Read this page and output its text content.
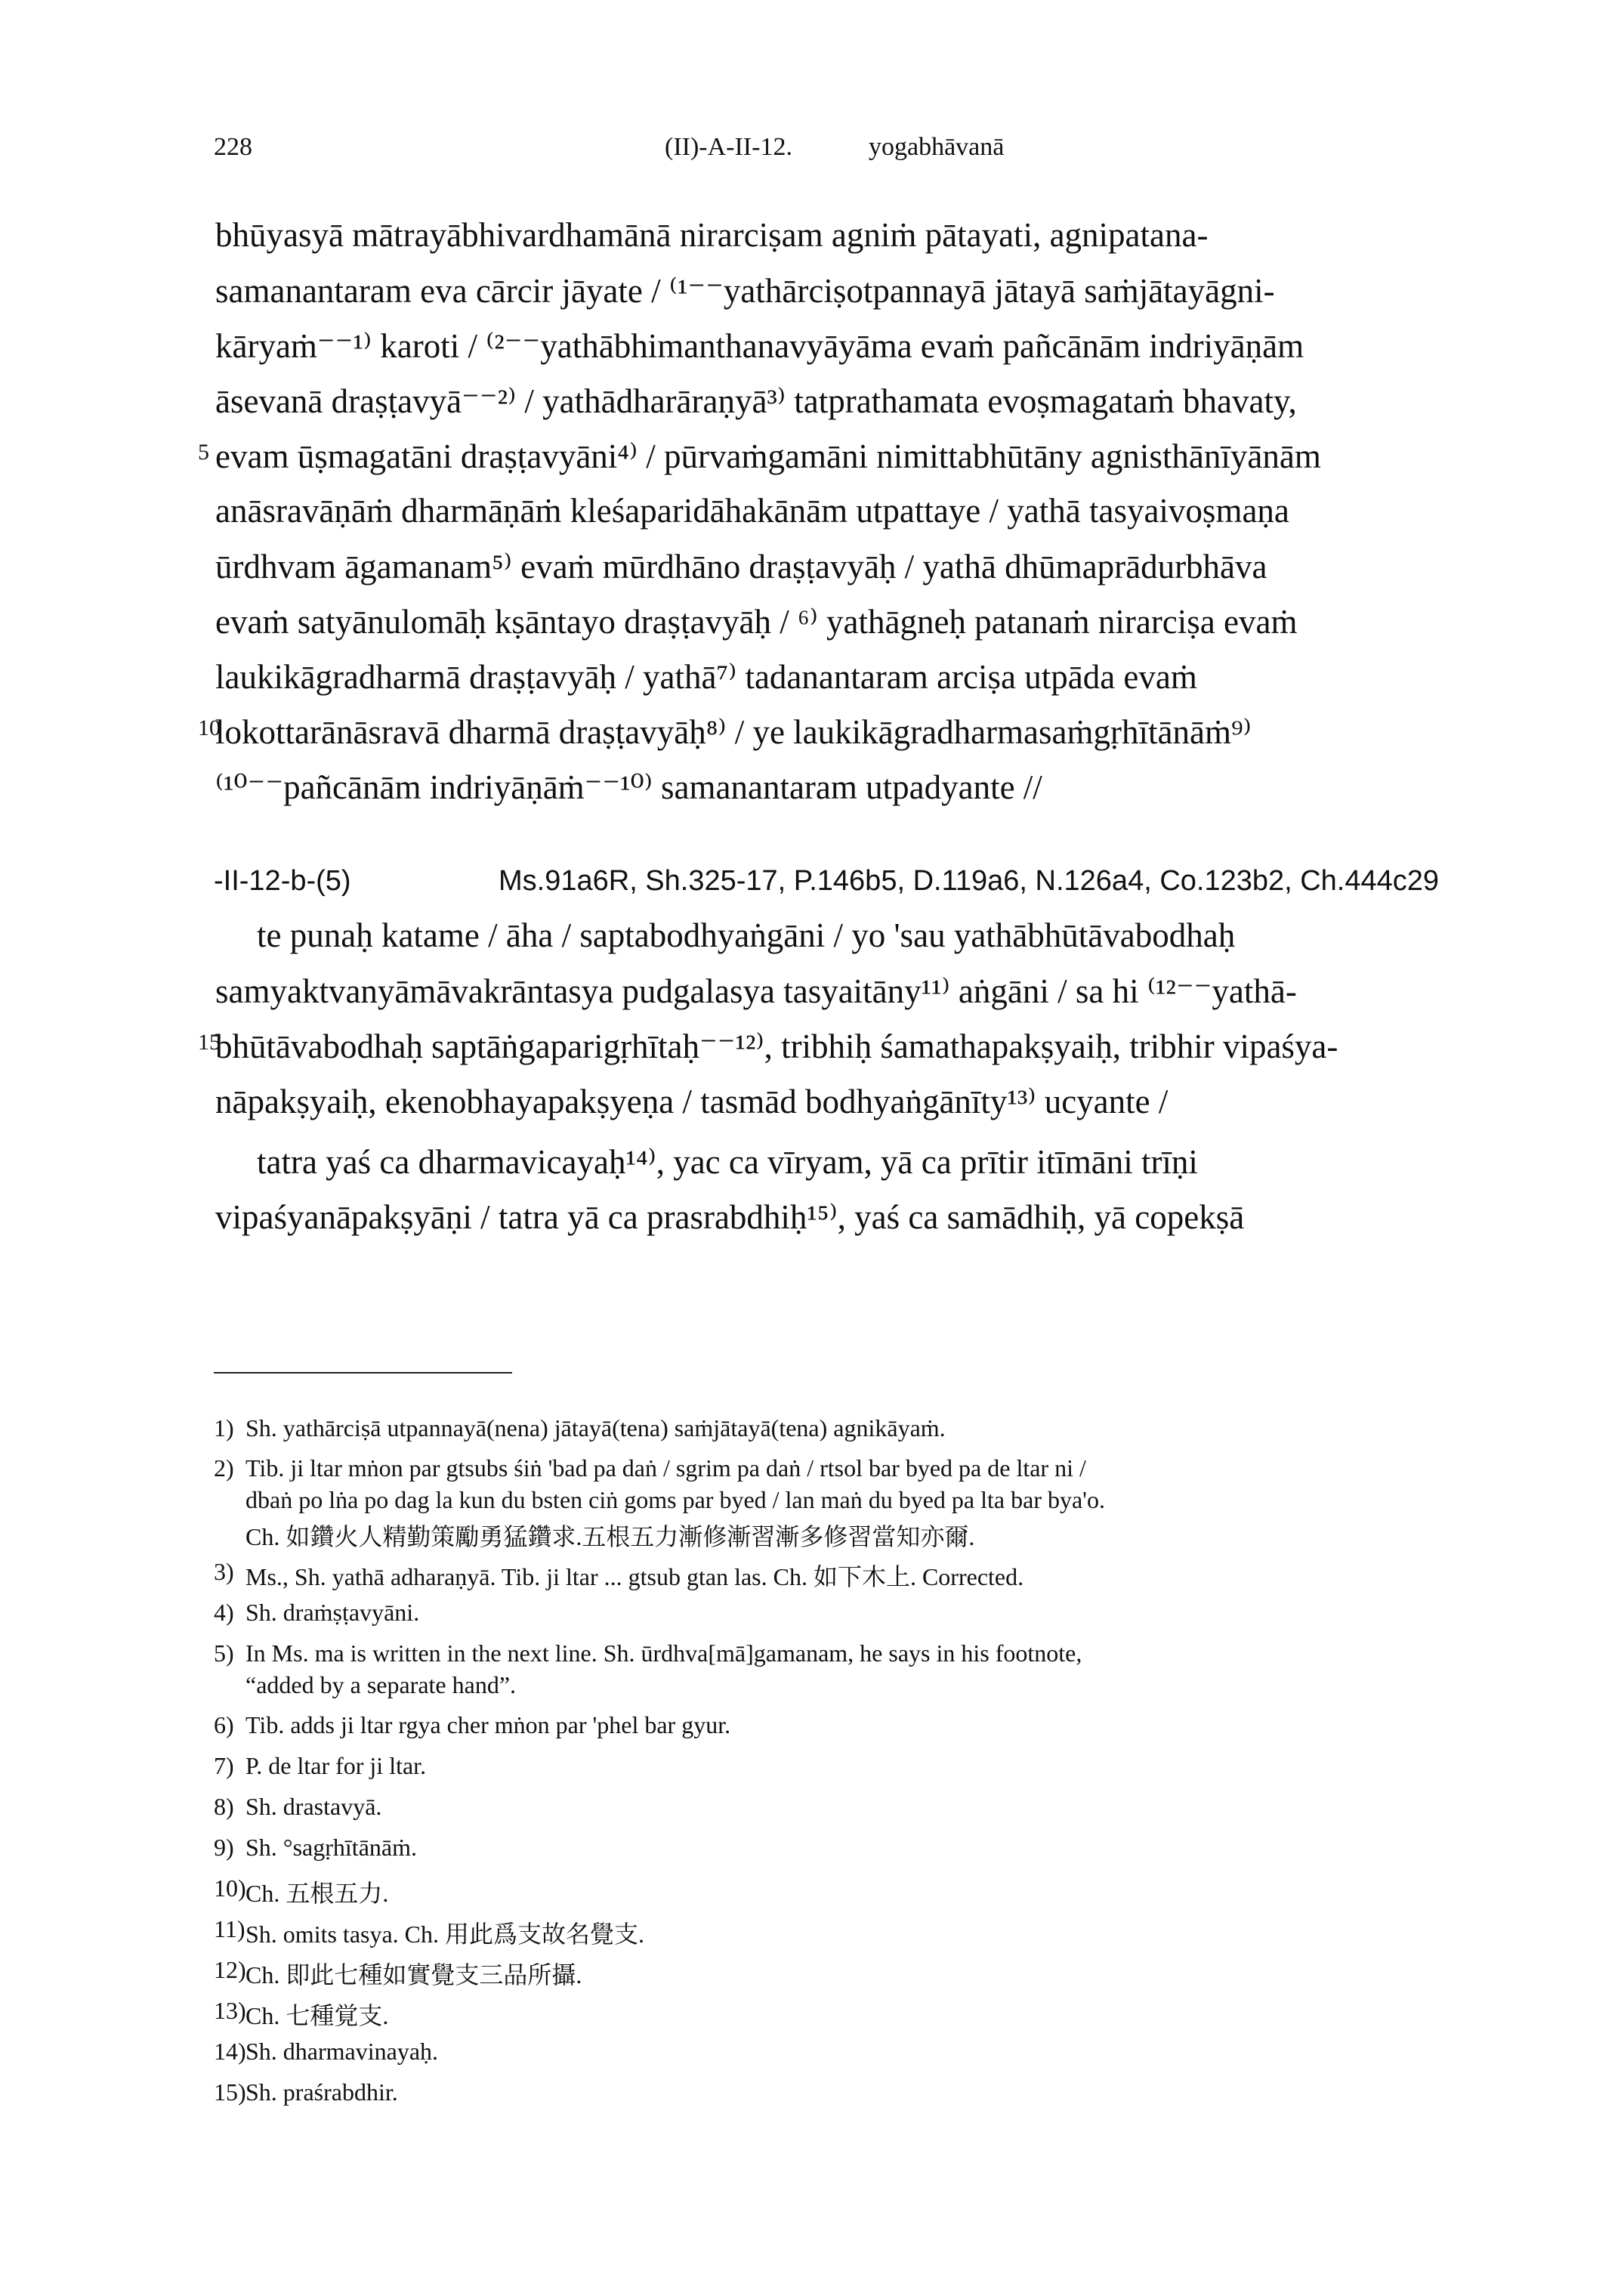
228	(II)-A-II-12.	yogabhāvanā
bhūyasyā mātrayābhivardhamānā nirarciṣam agniṁ pātayati, agnipatana-
samanantaram eva cārcir jāyate / ⁽¹⁻⁻yathārciṣotpannayā jātayā saṁjātayāgni-
kāryaṁ⁻⁻¹⁾ karoti / ⁽²⁻⁻yathābhimanthanavyāyāma evaṁ pañcānām indriyāṇām
āsevanā draṣṭavyā⁻⁻²⁾ / yathādharāraṇyā³⁾ tatprathamata evoṣmagataṁ bhavaty,
5 evam ūṣmagatāni draṣṭavyāni⁴⁾ / pūrvaṁgamāni nimittabhūtāny agnisthānīyānām
anāsravāṇāṁ dharmāṇāṁ kleśaparidāhakānām utpattaye / yathā tasyaivoṣmaṇa
ūrdhvam āgamanam⁵⁾ evaṁ mūrdhāno draṣṭavyāḥ / yathā dhūmaprādurbhāva
evaṁ satyānulomāḥ kṣāntayo draṣṭavyāḥ / ⁶⁾ yathāgneḥ patanaṁ nirarciṣa evaṁ
laukikāgradharmā draṣṭavyāḥ / yathā⁷⁾ tadanantaram arciṣa utpāda evaṁ
10
lokottarānāsravā dharmā draṣṭavyāḥ⁸⁾ / ye laukikāgradharmasaṁgṛhītānāṁ⁹⁾
⁽¹⁰⁻⁻pañcānām indriyāṇāṁ⁻⁻¹⁰⁾ samanantaram utpadyante //
-II-12-b-(5)	Ms.91a6R, Sh.325-17, P.146b5, D.119a6, N.126a4, Co.123b2, Ch.444c29
te punaḥ katame / āha / saptabodhyaṅgāni / yo 'sau yathābhūtāvabodhaḥ
samyaktvanyāmāvakrāntasya pudgalasya tasyaitāny¹¹⁾ aṅgāni / sa hi ⁽¹²⁻⁻yathā-
15
bhūtāvabodhaḥ saptāṅgaparigṛhītaḥ⁻⁻¹²⁾, tribhiḥ śamathapakṣyaiḥ, tribhir vipaśya-
nāpakṣyaiḥ, ekenobhayapakṣyeṇa / tasmād bodhyaṅgānīty¹³⁾ ucyante /
tatra yaś ca dharmavicayaḥ¹⁴⁾, yac ca vīryam, yā ca prītir itīmāni trīṇi
vipaśyanāpakṣyāṇi / tatra yā ca prasrabdhiḥ¹⁵⁾, yaś ca samādhiḥ, yā copekṣā
1) Sh. yathārciṣā utpannayā(nena) jātayā(tena) saṁjātayā(tena) agnikāyaṁ.
2) Tib. ji ltar mṅon par gtsubs śiṅ 'bad pa daṅ / sgrim pa daṅ / rtsol bar byed pa de ltar ni /
dbaṅ po lṅa po dag la kun du bsten ciṅ goms par byed / lan maṅ du byed pa lta bar bya'o.
Ch. 如鑽火人精勤策勵勇猛鑽求.五根五力漸修漸習漸多修習當知亦爾.
3) Ms., Sh. yathā adharaṇyā. Tib. ji ltar ... gtsub gtan las. Ch. 如下木上. Corrected.
4) Sh. draṁṣṭavyāni.
5) In Ms. ma is written in the next line. Sh. ūrdhva[mā]gamanam, he says in his footnote,
“added by a separate hand”.
6) Tib. adds ji ltar rgya cher mṅon par 'phel bar gyur.
7) P. de ltar for ji ltar.
8) Sh. drastavyā.
9) Sh. °sagṛhītānāṁ.
10) Ch. 五根五力.
11) Sh. omits tasya. Ch. 用此爲支故名覺支.
12) Ch. 即此七種如實覺支三品所攝.
13) Ch. 七種覚支.
14) Sh. dharmavinayaḥ.
15) Sh. praśrabdhir.
